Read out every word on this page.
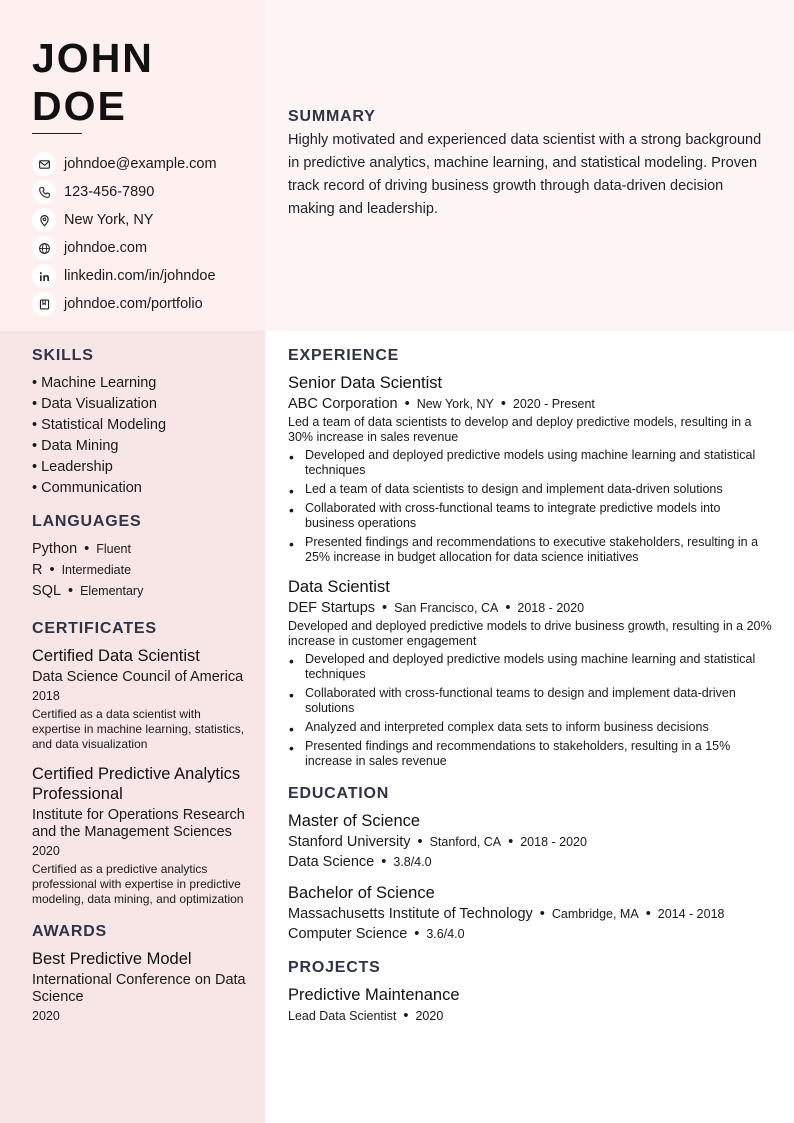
JOHN
DOE
johndoe@example.com
123-456-7890
New York, NY
johndoe.com
linkedin.com/in/johndoe
johndoe.com/portfolio
SUMMARY

Highly motivated and experienced data scientist with a strong background in predictive analytics, machine learning, and statistical modeling. Proven track record of driving business growth through data-driven decision making and leadership.

SKILLS
• Machine Learning
• Data Visualization
• Statistical Modeling
• Data Mining
• Leadership
• Communication
LANGUAGES
Python • Fluent
R • Intermediate
SQL • Elementary
CERTIFICATES
Certified Data Scientist
Data Science Council of America
2018
Certified as a data scientist with expertise in machine learning, statistics, and data visualization
Certified Predictive Analytics Professional
Institute for Operations Research and the Management Sciences
2020
Certified as a predictive analytics professional with expertise in predictive modeling, data mining, and optimization
AWARDS
Best Predictive Model
International Conference on Data Science
2020
EXPERIENCE
Senior Data Scientist
ABC Corporation • New York, NY • 2020 - Present
Led a team of data scientists to develop and deploy predictive models, resulting in a 30% increase in sales revenue
• Developed and deployed predictive models using machine learning and statistical techniques
• Led a team of data scientists to design and implement data-driven solutions
• Collaborated with cross-functional teams to integrate predictive models into business operations
• Presented findings and recommendations to executive stakeholders, resulting in a 25% increase in budget allocation for data science initiatives
Data Scientist
DEF Startups • San Francisco, CA • 2018 - 2020
Developed and deployed predictive models to drive business growth, resulting in a 20% increase in customer engagement
• Developed and deployed predictive models using machine learning and statistical techniques
• Collaborated with cross-functional teams to design and implement data-driven solutions
• Analyzed and interpreted complex data sets to inform business decisions
• Presented findings and recommendations to stakeholders, resulting in a 15% increase in sales revenue
EDUCATION
Master of Science
Stanford University • Stanford, CA • 2018 - 2020
Data Science • 3.8/4.0
Bachelor of Science
Massachusetts Institute of Technology • Cambridge, MA • 2014 - 2018
Computer Science • 3.6/4.0
PROJECTS
Predictive Maintenance
Lead Data Scientist • 2020
